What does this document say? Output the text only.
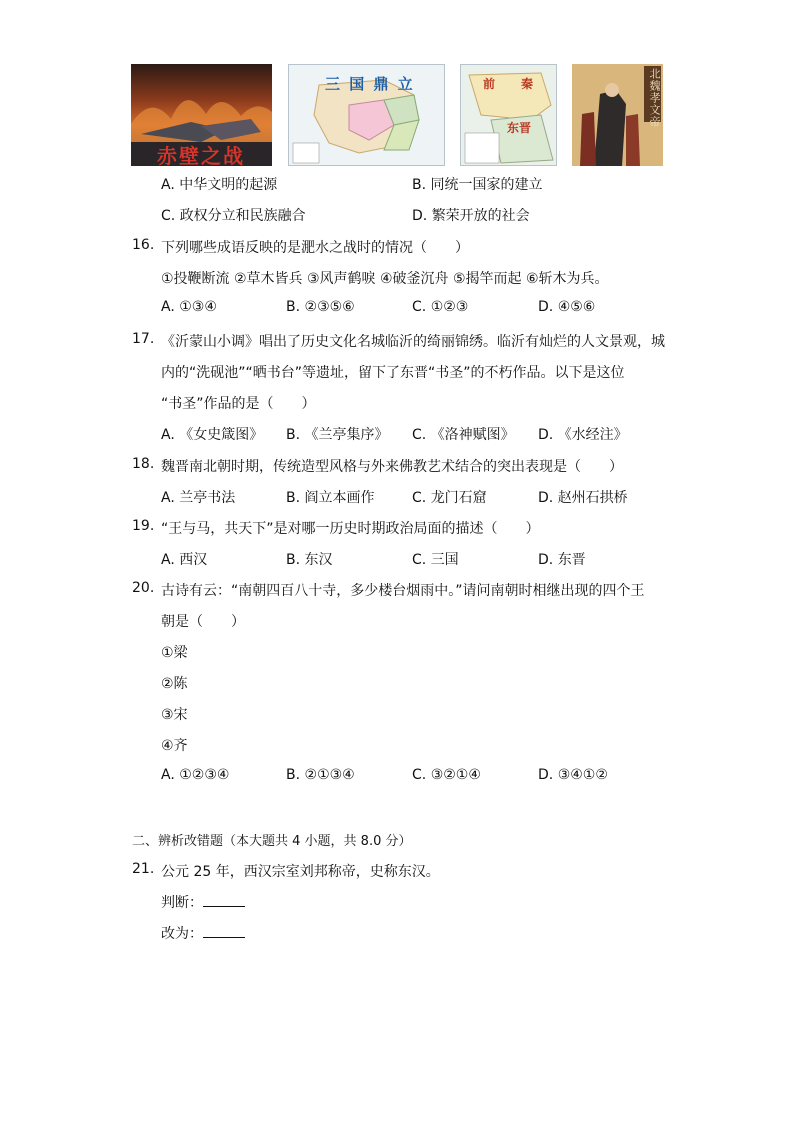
赤壁之战
三 国 鼎 立	前 秦
东晋	北魏孝文帝
A. 中华文明的起源	B. 同统一国家的建立
C. 政权分立和民族融合	D. 繁荣开放的社会
16. 下列哪些成语反映的是淝水之战时的情况（　　）
①投鞭断流 ②草木皆兵 ③风声鹤唳 ④破釜沉舟 ⑤揭竿而起 ⑥斩木为兵。
A. ①③④	B. ②③⑤⑥	C. ①②③	D. ④⑤⑥
17. 《沂蒙山小调》唱出了历史文化名城临沂的绮丽锦绣。临沂有灿烂的人文景观，城
内的“洗砚池”“晒书台”等遗址，留下了东晋“书圣”的不朽作品。以下是这位
“书圣”作品的是（　　）
A. 《女史箴图》 B. 《兰亭集序》 C. 《洛神赋图》 D. 《水经注》
18. 魏晋南北朝时期，传统造型风格与外来佛教艺术结合的突出表现是（　　）
A. 兰亭书法	B. 阎立本画作	C. 龙门石窟	D. 赵州石拱桥
19. “王与马，共天下”是对哪一历史时期政治局面的描述（　　）
A. 西汉	B. 东汉	C. 三国	D. 东晋
20. 古诗有云：“南朝四百八十寺，多少楼台烟雨中。”请问南朝时相继出现的四个王
朝是（　　）
①梁
②陈
③宋
④齐
A. ①②③④	B. ②①③④	C. ③②①④	D. ③④①②
二、辨析改错题（本大题共 4 小题，共 8.0 分）
21. 公元 25 年，西汉宗室刘邦称帝，史称东汉。
判断：
改为：
